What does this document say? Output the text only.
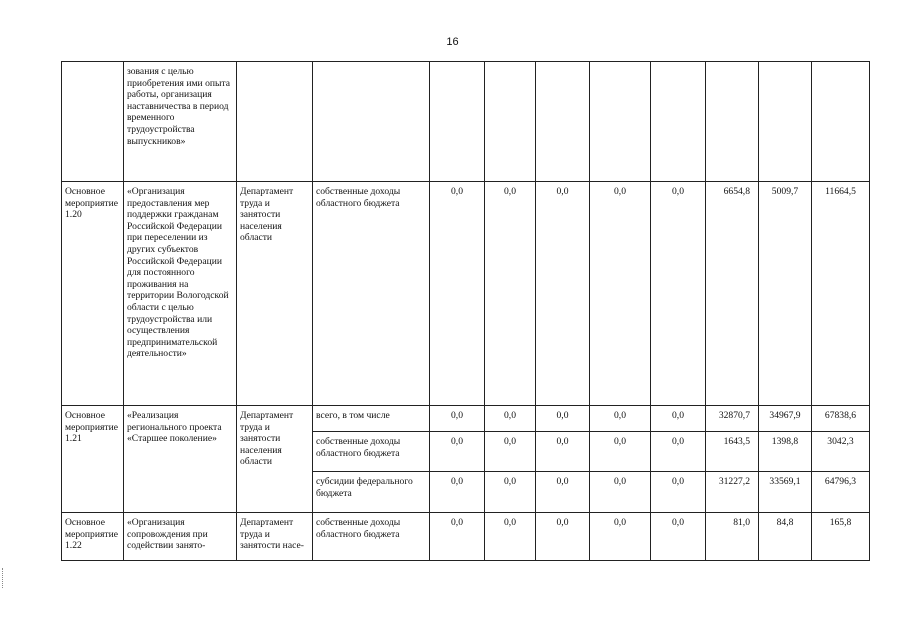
16
	зования с целью приобретения ими опыта работы, организация наставничества в период временного трудоустройства выпускников»										
Основное мероприятие 1.20	«Организация предоставления мер поддержки гражданам Российской Федерации при переселении из других субъектов Российской Федерации для постоянного проживания на территории Вологодской области с целью трудоустройства или осуществления предпринимательской деятельности»	Департамент труда и занятости населения области	собственные доходы областного бюджета	0,0	0,0	0,0	0,0	0,0	6654,8	5009,7	11664,5
Основное мероприятие 1.21	«Реализация регионального проекта «Старшее поколение»	Департамент труда и занятости населения области	всего, в том числе	0,0	0,0	0,0	0,0	0,0	32870,7	34967,9	67838,6
			собственные доходы областного бюджета	0,0	0,0	0,0	0,0	0,0	1643,5	1398,8	3042,3
			субсидии федерального бюджета	0,0	0,0	0,0	0,0	0,0	31227,2	33569,1	64796,3
Основное мероприятие 1.22	«Организация сопровождения при содействии занято-	Департамент труда и занятости насе-	собственные доходы областного бюджета	0,0	0,0	0,0	0,0	0,0	81,0	84,8	165,8
